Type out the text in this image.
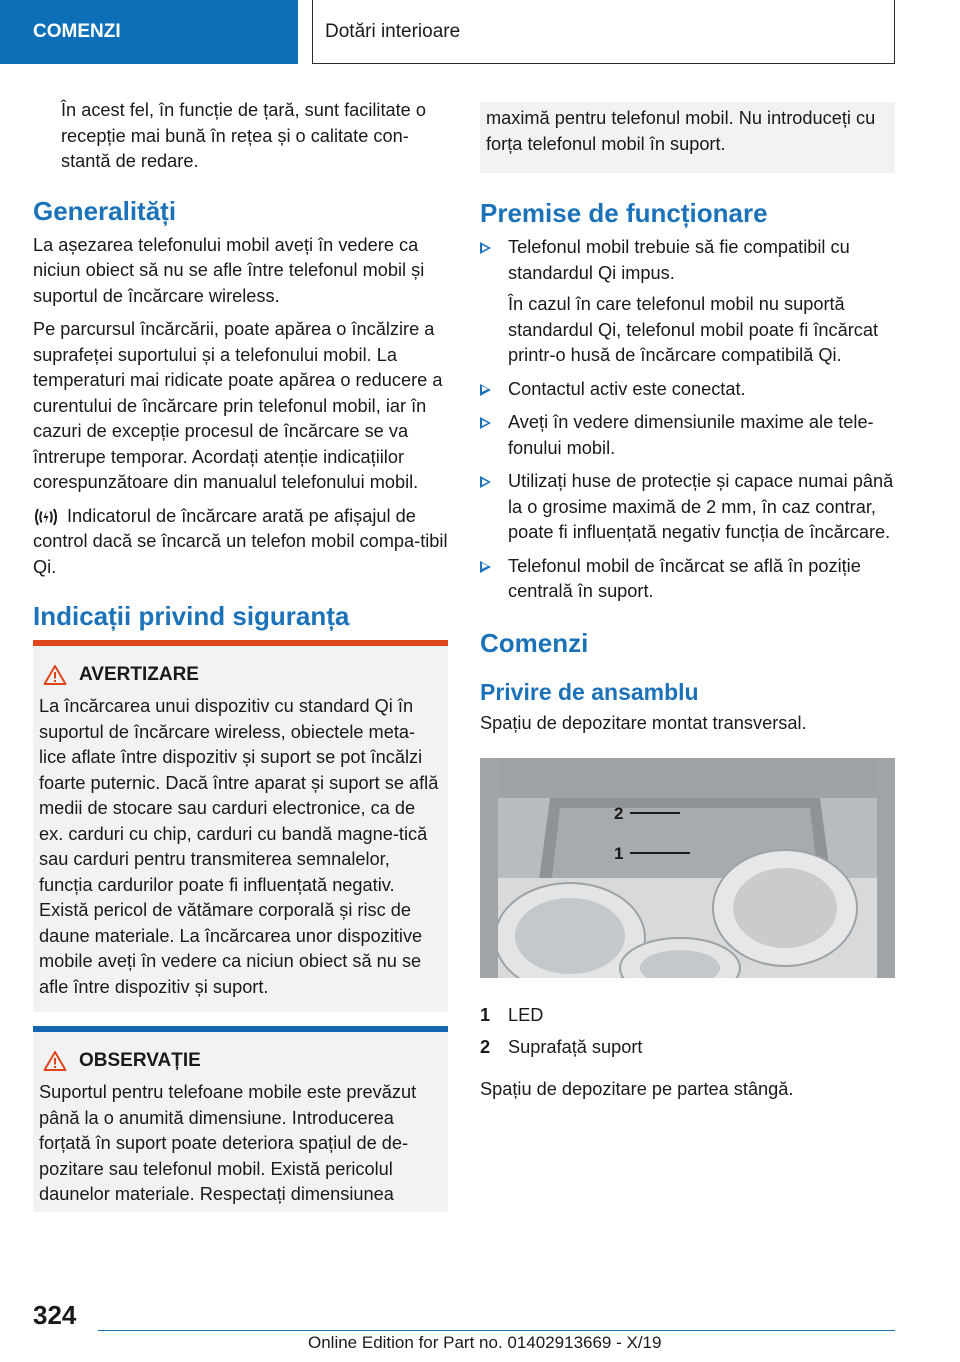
COMENZI	Dotări interioare

În acest fel, în funcție de țară, sunt facilitate o recepție mai bună în rețea și o calitate con-stantă de redare.

Generalități

La așezarea telefonului mobil aveți în vedere ca niciun obiect să nu se afle între telefonul mobil și suportul de încărcare wireless.

Pe parcursul încărcării, poate apărea o încălzire a suprafeței suportului și a telefonului mobil. La temperaturi mai ridicate poate apărea o reducere a curentului de încărcare prin telefonul mobil, iar în cazuri de excepție procesul de încărcare se va întrerupe temporar. Acordați atenție indicațiilor corespunzătoare din manualul telefonului mobil.

Indicatorul de încărcare arată pe afișajul de control dacă se încarcă un telefon mobil compa-tibil Qi.

Indicații privind siguranța
AVERTIZARE

La încărcarea unui dispozitiv cu standard Qi în suportul de încărcare wireless, obiectele meta-lice aflate între dispozitiv și suport se pot încălzi foarte puternic. Dacă între aparat și suport se află medii de stocare sau carduri electronice, ca de ex. carduri cu chip, carduri cu bandă magne-tică sau carduri pentru transmiterea semnalelor, funcția cardurilor poate fi influențată negativ. Există pericol de vătămare corporală și risc de daune materiale. La încărcarea unor dispozitive mobile aveți în vedere ca niciun obiect să nu se afle între dispozitiv și suport.

OBSERVAȚIE

Suportul pentru telefoane mobile este prevăzut până la o anumită dimensiune. Introducerea forțată în suport poate deteriora spațiul de de-pozitare sau telefonul mobil. Există pericolul daunelor materiale. Respectați dimensiunea

maximă pentru telefonul mobil. Nu introduceți cu forța telefonul mobil în suport.

Premise de funcționare
Telefonul mobil trebuie să fie compatibil cu standardul Qi impus.

În cazul în care telefonul mobil nu suportă standardul Qi, telefonul mobil poate fi încărcat printr-o husă de încărcare compatibilă Qi.

Contactul activ este conectat.
Aveți în vedere dimensiunile maxime ale tele-fonului mobil.
Utilizați huse de protecție și capace numai până la o grosime maximă de 2 mm, în caz contrar, poate fi influențată negativ funcția de încărcare.
Telefonul mobil de încărcat se află în poziție centrală în suport.
Comenzi
Privire de ansamblu

Spațiu de depozitare montat transversal.

2
1
1 LED
2 Suprafață suport

Spațiu de depozitare pe partea stângă.

324
Online Edition for Part no. 01402913669 - X/19
